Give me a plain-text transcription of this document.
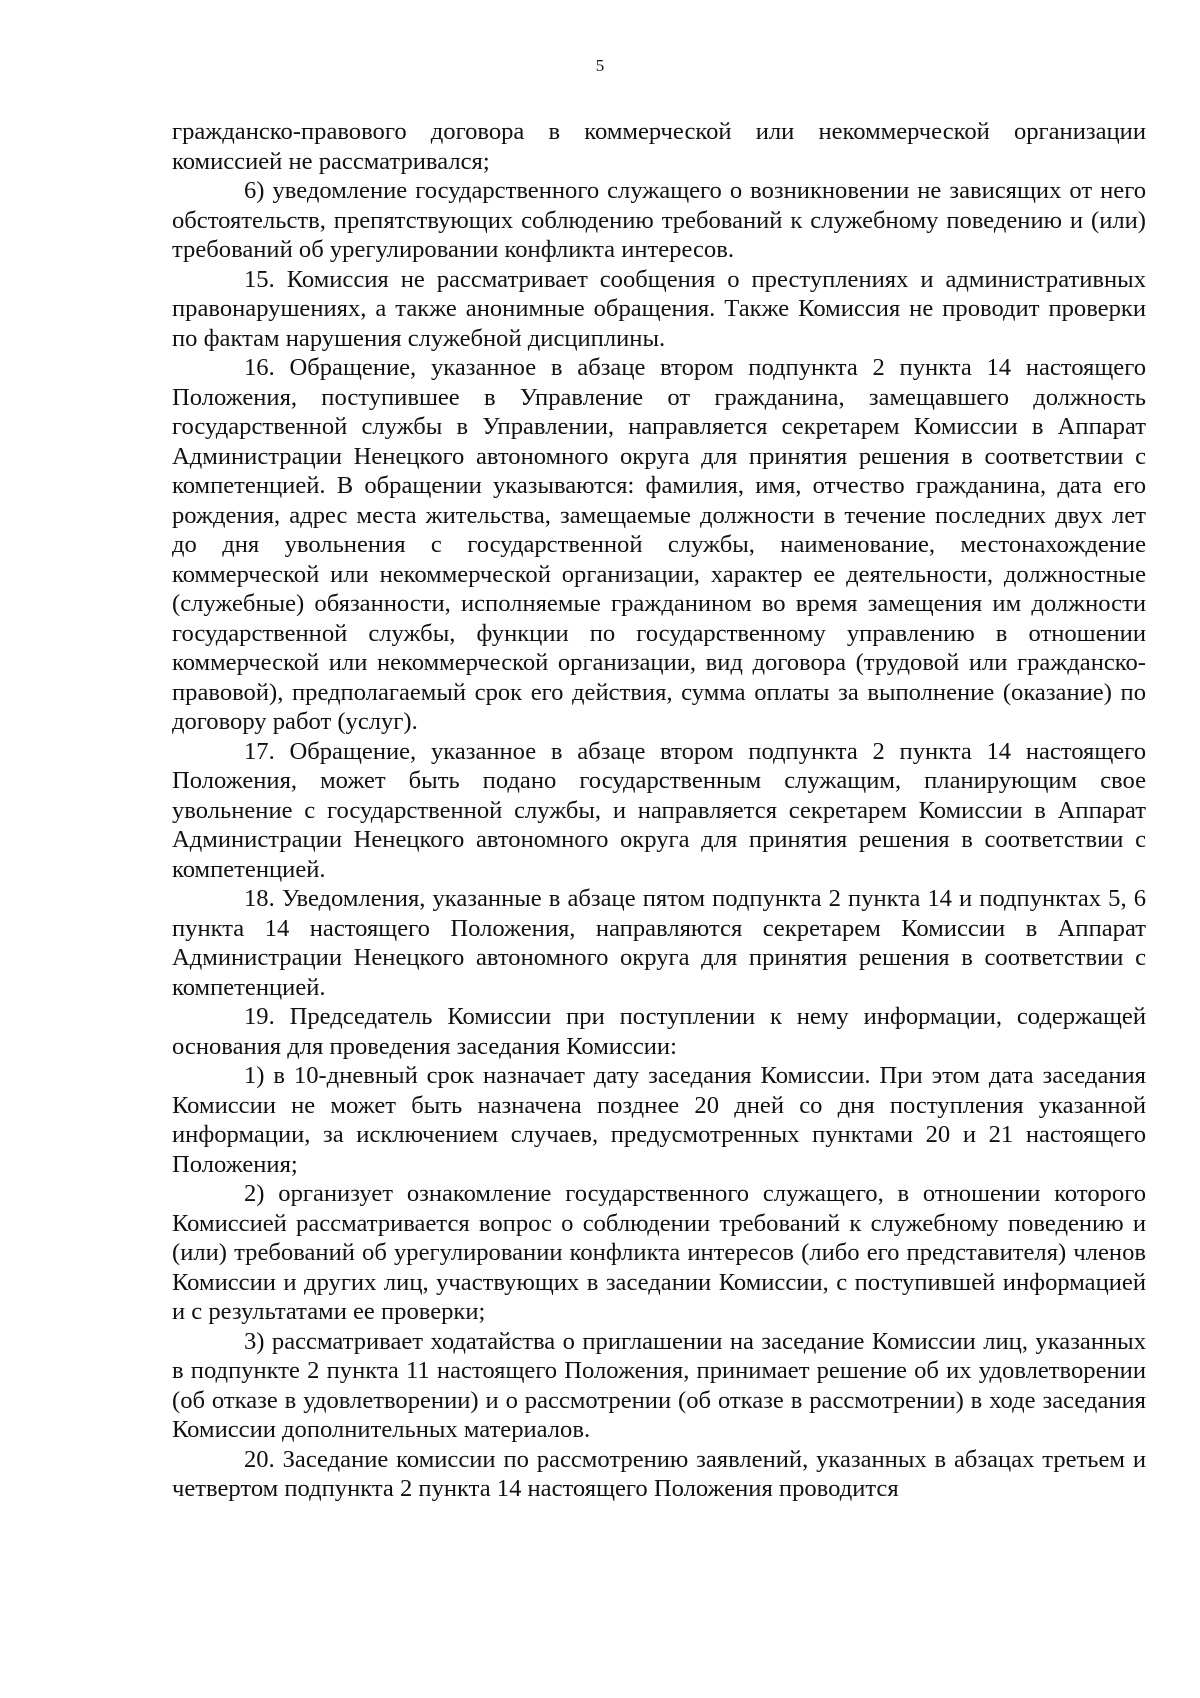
5

гражданско-правового договора в коммерческой или некоммерческой организации комиссией не рассматривался;

6) уведомление государственного служащего о возникновении не зависящих от него обстоятельств, препятствующих соблюдению требований к служебному поведению и (или) требований об урегулировании конфликта интересов.

15. Комиссия не рассматривает сообщения о преступлениях и административных правонарушениях, а также анонимные обращения. Также Комиссия не проводит проверки по фактам нарушения служебной дисциплины.

16. Обращение, указанное в абзаце втором подпункта 2 пункта 14 настоящего Положения, поступившее в Управление от гражданина, замещавшего должность государственной службы в Управлении, направляется секретарем Комиссии в Аппарат Администрации Ненецкого автономного округа для принятия решения в соответствии с компетенцией. В обращении указываются: фамилия, имя, отчество гражданина, дата его рождения, адрес места жительства, замещаемые должности в течение последних двух лет до дня увольнения с государственной службы, наименование, местонахождение коммерческой или некоммерческой организации, характер ее деятельности, должностные (служебные) обязанности, исполняемые гражданином во время замещения им должности государственной службы, функции по государственному управлению в отношении коммерческой или некоммерческой организации, вид договора (трудовой или гражданско-правовой), предполагаемый срок его действия, сумма оплаты за выполнение (оказание) по договору работ (услуг).

17. Обращение, указанное в абзаце втором подпункта 2 пункта 14 настоящего Положения, может быть подано государственным служащим, планирующим свое увольнение с государственной службы, и направляется секретарем Комиссии в Аппарат Администрации Ненецкого автономного округа для принятия решения в соответствии с компетенцией.

18. Уведомления, указанные в абзаце пятом подпункта 2 пункта 14 и подпунктах 5, 6 пункта 14 настоящего Положения, направляются секретарем Комиссии в Аппарат Администрации Ненецкого автономного округа для принятия решения в соответствии с компетенцией.

19. Председатель Комиссии при поступлении к нему информации, содержащей основания для проведения заседания Комиссии:

1) в 10-дневный срок назначает дату заседания Комиссии. При этом дата заседания Комиссии не может быть назначена позднее 20 дней со дня поступления указанной информации, за исключением случаев, предусмотренных пунктами 20 и 21 настоящего Положения;

2) организует ознакомление государственного служащего, в отношении которого Комиссией рассматривается вопрос о соблюдении требований к служебному поведению и (или) требований об урегулировании конфликта интересов (либо его представителя) членов Комиссии и других лиц, участвующих в заседании Комиссии, с поступившей информацией и с результатами ее проверки;

3) рассматривает ходатайства о приглашении на заседание Комиссии лиц, указанных в подпункте 2 пункта 11 настоящего Положения, принимает решение об их удовлетворении (об отказе в удовлетворении) и о рассмотрении (об отказе в рассмотрении) в ходе заседания Комиссии дополнительных материалов.

20. Заседание комиссии по рассмотрению заявлений, указанных в абзацах третьем и четвертом подпункта 2 пункта 14 настоящего Положения проводится
